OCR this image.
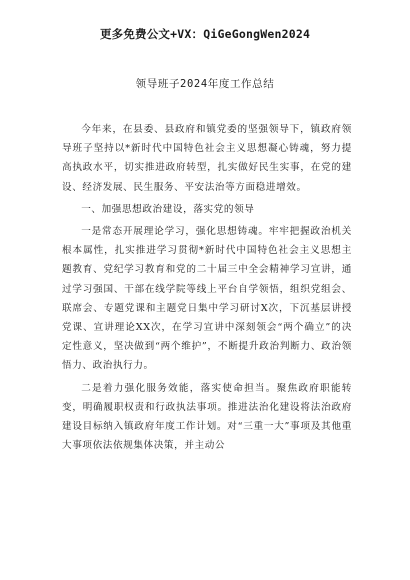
更多免费公文+VX：QiGeGongWen2024
领导班子2024年度工作总结

今年来，在县委、县政府和镇党委的坚强领导下，镇政府领导班子坚持以*新时代中国特色社会主义思想凝心铸魂，努力提高执政水平，切实推进政府转型，扎实做好民生实事，在党的建设、经济发展、民生服务、平安法治等方面稳进增效。

一、加强思想政治建设，落实党的领导

一是常态开展理论学习，强化思想铸魂。牢牢把握政治机关根本属性，扎实推进学习贯彻*新时代中国特色社会主义思想主题教育、党纪学习教育和党的二十届三中全会精神学习宣讲，通过学习强国、干部在线学院等线上平台自学领悟，组织党组会、联席会、专题党课和主题党日集中学习研讨X次，下沉基层讲授党课、宣讲理论XX次，在学习宣讲中深刻领会“两个确立”的决定性意义，坚决做到“两个维护”，不断提升政治判断力、政治领悟力、政治执行力。

二是着力强化服务效能，落实使命担当。聚焦政府职能转变，明确履职权责和行政执法事项。推进法治化建设将法治政府建设目标纳入镇政府年度工作计划。对“三重一大”事项及其他重大事项依法依规集体决策，并主动公
